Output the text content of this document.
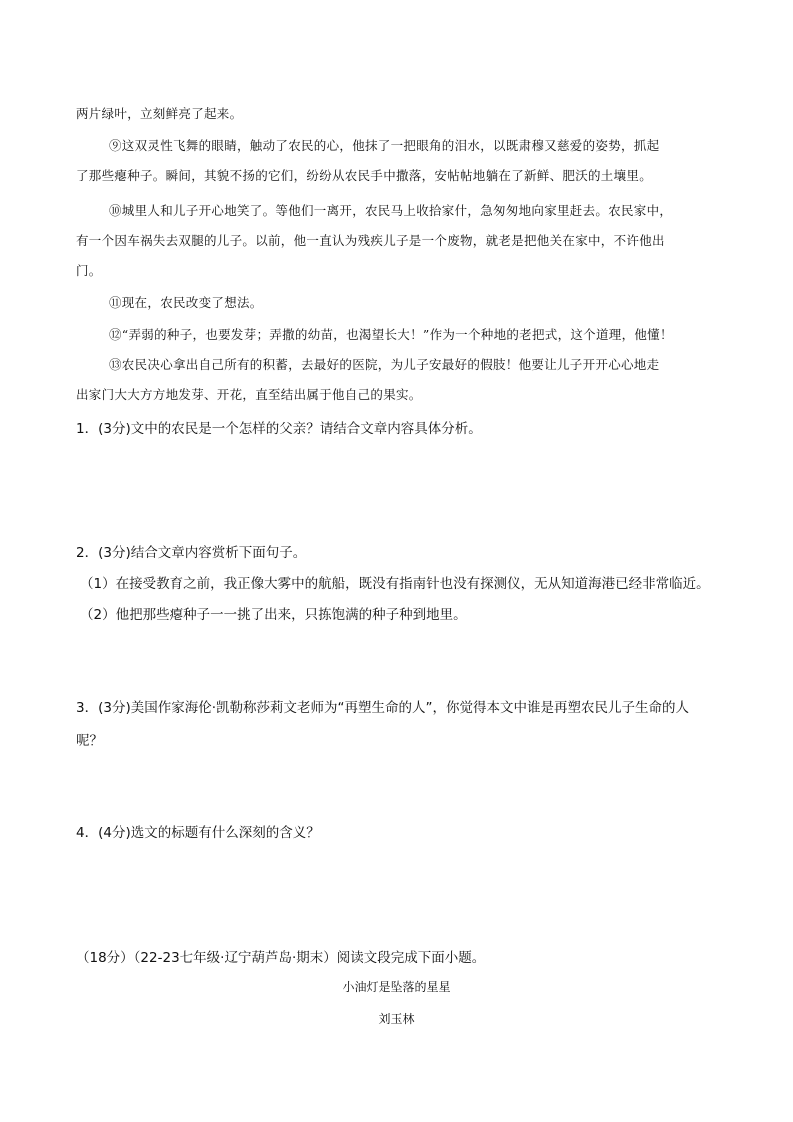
两片绿叶，立刻鲜亮了起来。
⑨这双灵性飞舞的眼睛，触动了农民的心，他抹了一把眼角的泪水，以既肃穆又慈爱的姿势，抓起
了那些瘪种子。瞬间，其貌不扬的它们，纷纷从农民手中撒落，安帖帖地躺在了新鲜、肥沃的土壤里。
⑩城里人和儿子开心地笑了。等他们一离开，农民马上收拾家什，急匆匆地向家里赶去。农民家中，
有一个因车祸失去双腿的儿子。以前，他一直认为残疾儿子是一个废物，就老是把他关在家中，不许他出
门。
⑪现在，农民改变了想法。
⑫“弄弱的种子，也要发芽；弄撒的幼苗，也渴望长大！”作为一个种地的老把式，这个道理，他懂！
⑬农民决心拿出自己所有的积蓄，去最好的医院，为儿子安最好的假肢！他要让儿子开开心心地走
出家门大大方方地发芽、开花，直至结出属于他自己的果实。
1．(3分)文中的农民是一个怎样的父亲？请结合文章内容具体分析。
2．(3分)结合文章内容赏析下面句子。
（1）在接受教育之前，我正像大雾中的航船，既没有指南针也没有探测仪，无从知道海港已经非常临近。
（2）他把那些瘪种子一一挑了出来，只拣饱满的种子种到地里。
3．(3分)美国作家海伦·凯勒称莎莉文老师为“再塑生命的人”，你觉得本文中谁是再塑农民儿子生命的人
呢？
4．(4分)选文的标题有什么深刻的含义？
（18分）（22-23七年级·辽宁葫芦岛·期末）阅读文段完成下面小题。
小油灯是坠落的星星
刘玉林
